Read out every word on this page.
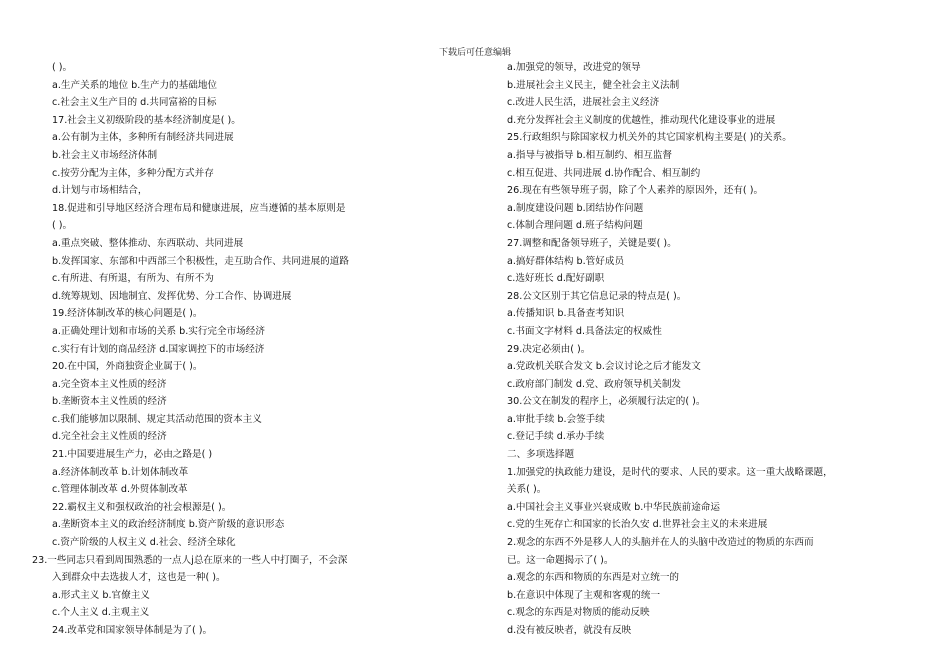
下载后可任意编辑
( )。
a.生产关系的地位 b.生产力的基础地位
c.社会主义生产目的 d.共同富裕的目标
17.社会主义初级阶段的基本经济制度是( )。
a.公有制为主体，多种所有制经济共同进展
b.社会主义市场经济体制
c.按劳分配为主体，多种分配方式并存
d.计划与市场相结合，
18.促进和引导地区经济合理布局和健康进展，应当遵循的基本原则是
( )。
a.重点突破、整体推动、东西联动、共同进展
b.发挥国家、东部和中西部三个积极性，走互助合作、共同进展的道路
c.有所进、有所退，有所为、有所不为
d.统筹规划、因地制宜、发挥优势、分工合作、协调进展
19.经济体制改革的核心问题是( )。
a.正确处理计划和市场的关系 b.实行完全市场经济
c.实行有计划的商品经济 d.国家调控下的市场经济
20.在中国，外商独资企业属于( )。
a.完全资本主义性质的经济
b.垄断资本主义性质的经济
c.我们能够加以限制、规定其活动范围的资本主义
d.完全社会主义性质的经济
21.中国要进展生产力，必由之路是( )
a.经济体制改革 b.计划体制改革
c.管理体制改革 d.外贸体制改革
22.霸权主义和强权政治的社会根源是( )。
a.垄断资本主义的政治经济制度 b.资产阶级的意识形态
c.资产阶级的人权主义 d.社会、经济全球化
23.一些同志只看到周围熟悉的一点人j总在原来的一些人中打圈子，不会深
入到群众中去选拔人才，这也是一种( )。
a.形式主义 b.官僚主义
c.个人主义 d.主观主义
24.改革党和国家领导体制是为了( )。
a.加强党的领导，改进党的领导
b.进展社会主义民主，健全社会主义法制
c.改进人民生活，进展社会主义经济
d.充分发挥社会主义制度的优越性，推动现代化建设事业的进展
25.行政组织与除国家权力机关外的其它国家机构主要是( )的关系。
a.指导与被指导 b.相互制约、相互监督
c.相互促进、共同进展 d.协作配合、相互制约
26.现在有些领导班子弱，除了个人素养的原因外，还有( )。
a.制度建设问题 b.团结协作问题
c.体制合理问题 d.班子结构问题
27.调整和配备领导班子，关键是要( )。
a.搞好群体结构 b.管好成员
c.选好班长 d.配好副职
28.公文区别于其它信息记录的特点是( )。
a.传播知识 b.具备查考知识
c.书面文字材料 d.具备法定的权威性
29.决定必须由( )。
a.党政机关联合发文 b.会议讨论之后才能发文
c.政府部门制发 d.党、政府领导机关制发
30.公文在制发的程序上，必须履行法定的( )。
a.审批手续 b.会签手续
c.登记手续 d.承办手续
二、多项选择题
1.加强党的执政能力建设，是时代的要求、人民的要求。这一重大战略课题，
关系( )。
a.中国社会主义事业兴衰成败 b.中华民族前途命运
c.党的生死存亡和国家的长治久安 d.世界社会主义的未来进展
2.观念的东西不外是移人人的头脑并在人的头脑中改造过的物质的东西而
已。这一命题揭示了( )。
a.观念的东西和物质的东西是对立统一的
b.在意识中体现了主观和客观的统一
c.观念的东西是对物质的能动反映
d.没有被反映者，就没有反映
